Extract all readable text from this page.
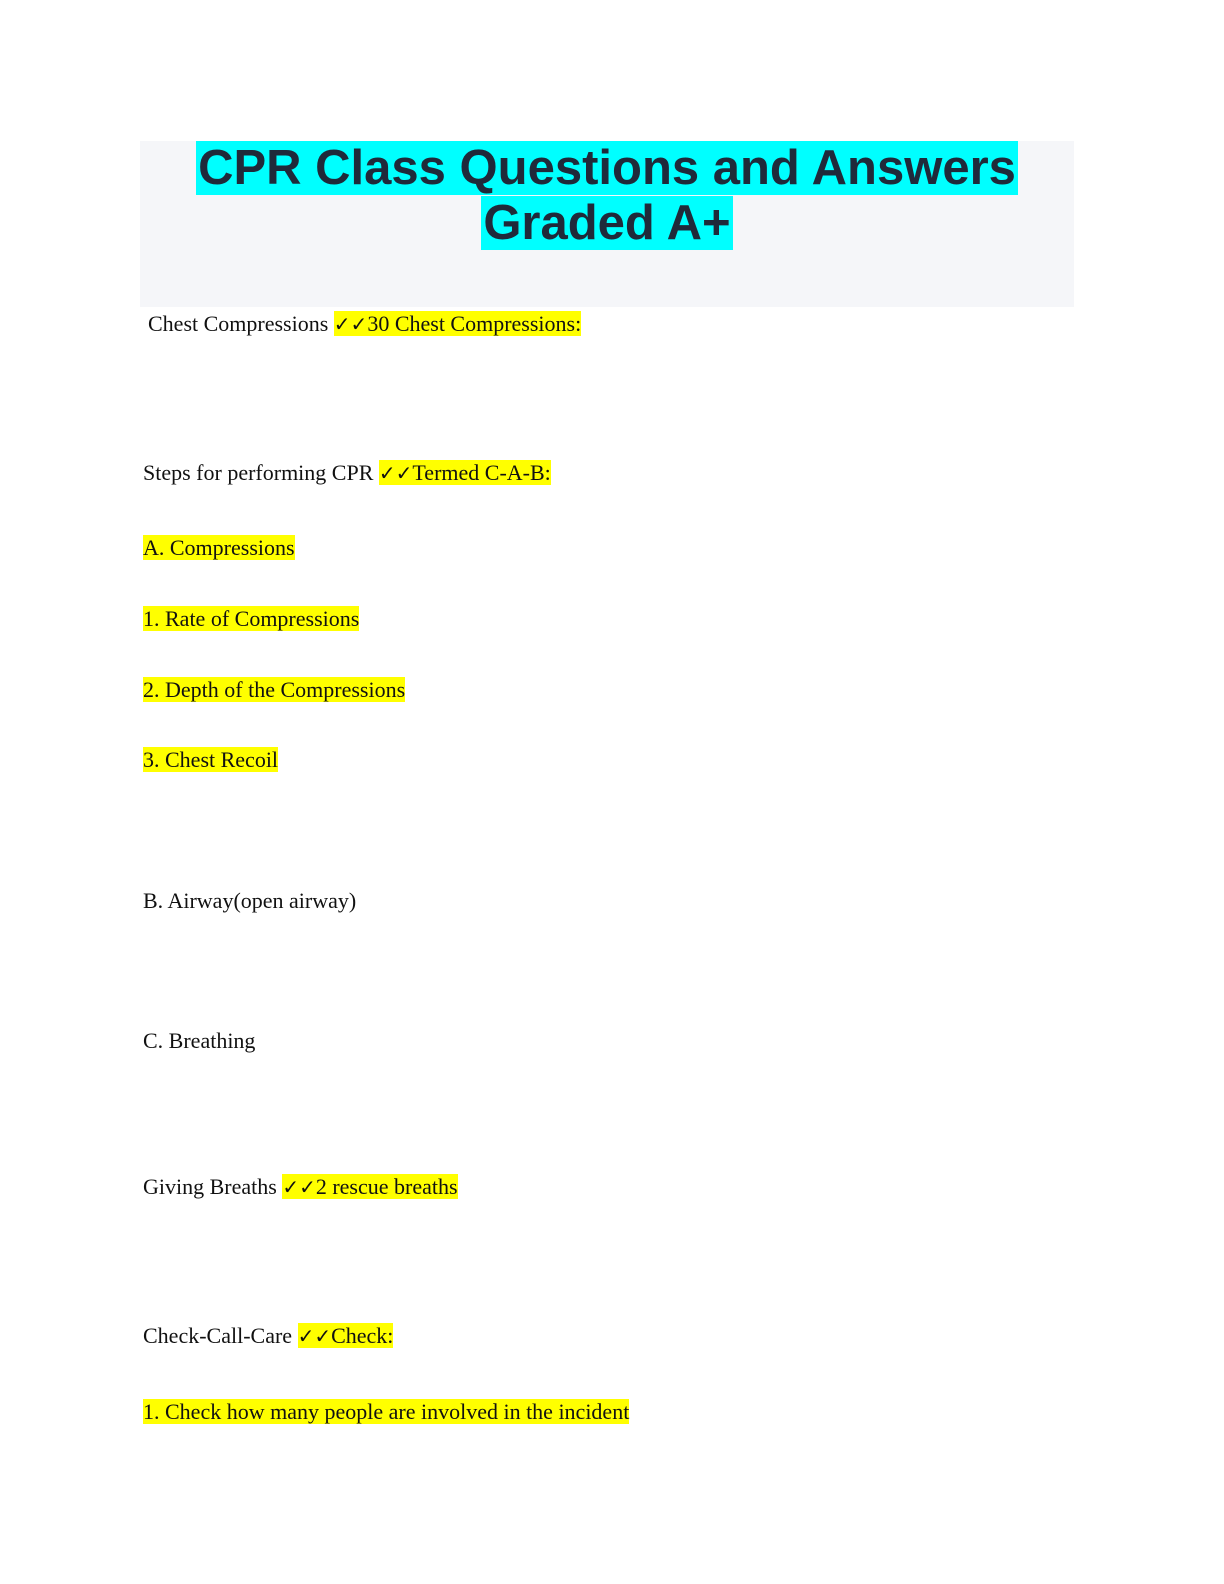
CPR Class Questions and Answers
Graded A+

Chest Compressions ✓✓30 Chest Compressions:

Steps for performing CPR ✓✓Termed C-A-B:

A. Compressions

1. Rate of Compressions

2. Depth of the Compressions

3. Chest Recoil

B. Airway(open airway)

C. Breathing

Giving Breaths ✓✓2 rescue breaths

Check-Call-Care ✓✓Check:

1. Check how many people are involved in the incident
